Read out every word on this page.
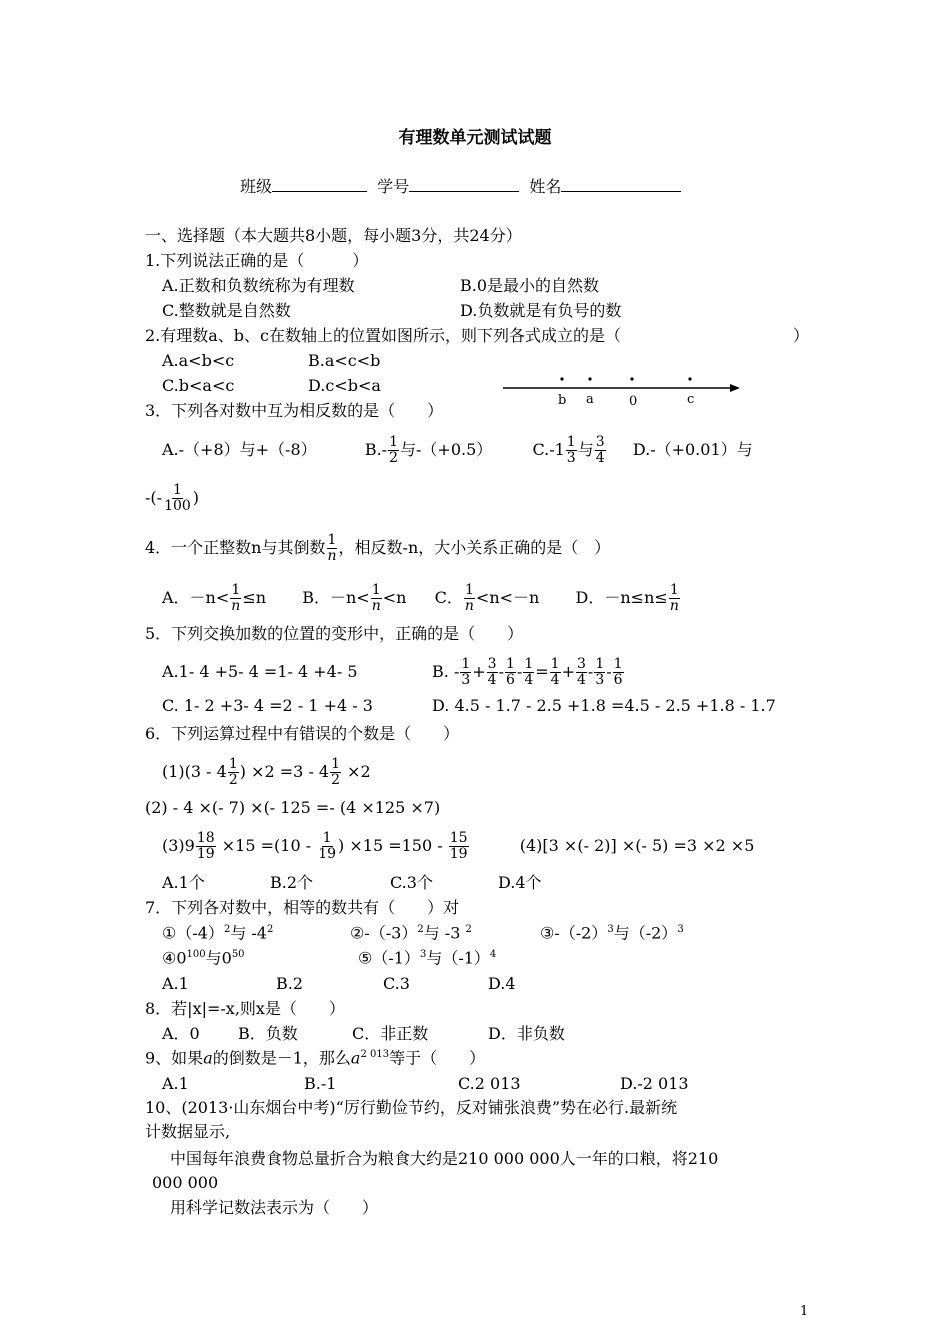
有理数单元测试试题
班级	学号	姓名
一、选择题（本大题共8小题，每小题3分，共24分）
1.下列说法正确的是（　　　）
A.正数和负数统称为有理数	B.0是最小的自然数
C.整数就是自然数	D.负数就是有负号的数
2.有理数a、b、c在数轴上的位置如图所示，则下列各式成立的是（	）
A.a<b<c	B.a<c<b
C.b<a<c	D.c<b<a
b a	0	c
3．下列各对数中互为相反数的是（　　）
A.-（+8）与+（-8）	$B.- \frac{1}{2}$ 与-（+0.5）	$C.-1 \frac{1}{3}$ 与 $\frac{3}{4} D.-(+0.01)$与
-(- $\frac{1}{100}$ )
4．一个正整数n与其倒数 $\frac{1}{n}$ ，相反数-n，大小关系正确的是（　）
A．$-n< \frac{1}{n} \le n$ B．$-n< \frac{1}{n} <n$ C． $\frac{1}{n} <n<-n$ D．$-n\le n\le \frac{1}{n}$
5．下列交换加数的位置的变形中，正确的是（　　）
A.1- 4 +5- 4 =1- 4 +4- 5	B. - $\frac{1}{3} + \frac{3}{4} - \frac{1}{6} - \frac{1}{4} = \frac{1}{4} + \frac{3}{4} - \frac{1}{3} - \frac{1}{6}$
C. 1- 2 +3- 4 =2 - 1 +4 - 3	D. 4.5 - 1.7 - 2.5 +1.8 =4.5 - 2.5 +1.8 - 1.7
6．下列运算过程中有错误的个数是（　　）
$(1)(3 - 4 \frac{1}{2}$ ) $\times 2 =3 - 4 \frac{1}{2} \times 2$
(2) - 4 ×(- 7) ×(- 125 =- (4 ×125 ×7)
$(3)9 \frac{18}{19} \times 15 =(10 - \frac{1}{19}$ ) $\times 15 =150 - \frac{15}{19}$	(4)[3 ×(- 2)] ×(- 5) =3 ×2 ×5
A.1个	B.2个	C.3个	D.4个
7．下列各对数中，相等的数共有（　　）对
$①(-4)^2$与 $-4^2$	$②-(-3)^2$与 -3 $^2$	$③-(-2)^3$与$(-2)^3$
$④0^{100}$与$0^{50}$	$⑤(-1)^3$与$(-1)^4$
A.1	B.2	C.3	D.4
8．若|x|=-x,则x是（　　）
A．0 B．负数	C．非正数	D．非负数
9、如果a的倒数是－1，那么$a^{2 013}$等于（　　）
A.1	B.-1	C.2 013	D.-2 013
10、(2013·山东烟台中考)“厉行勤俭节约，反对铺张浪费”势在必行.最新统
计数据显示,
中国每年浪费食物总量折合为粮食大约是210 000 000人一年的口粮，将210
000 000
用科学记数法表示为（　　）
1
